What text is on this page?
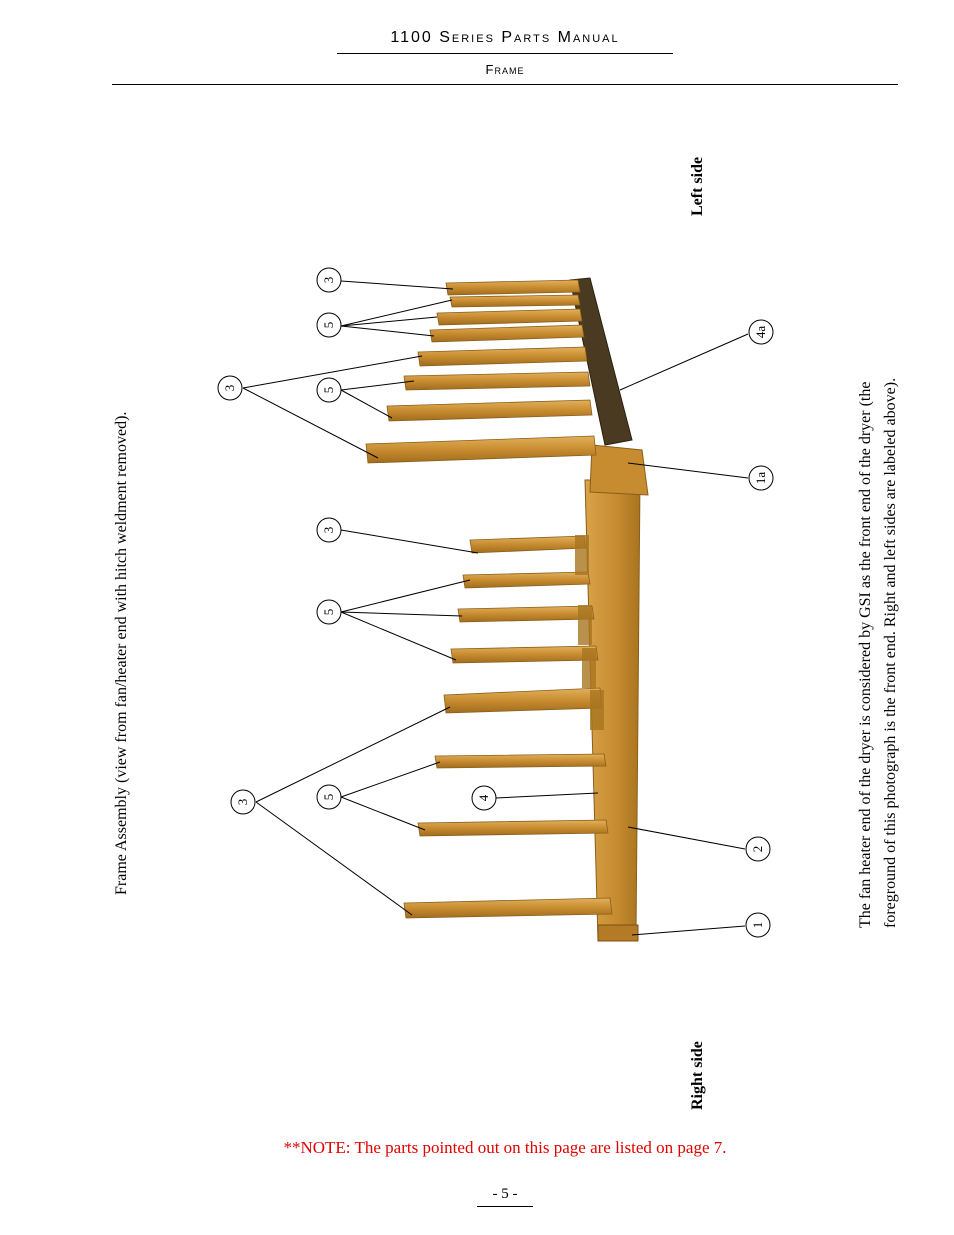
1100 Series Parts Manual
Frame
Frame Assembly (view from fan/heater end with hitch weldment removed).
Left side
Right side
The fan heater end of the dryer is considered by GSI as the front end of the dryer (the foreground of this photograph is the front end. Right and left sides are labeled above).
3
5
3	5
3
5
3
5	4
4a
1a
2
1
**NOTE: The parts pointed out on this page are listed on page 7.
- 5 -
